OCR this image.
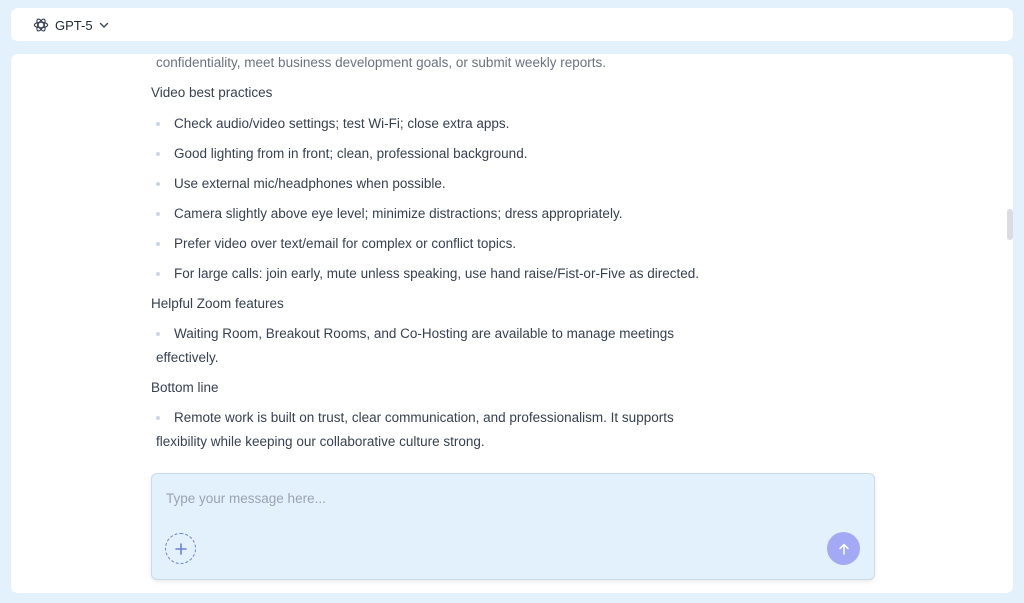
GPT-5
confidentiality, meet business development goals, or submit weekly reports.
Video best practices
Check audio/video settings; test Wi-Fi; close extra apps.
Good lighting from in front; clean, professional background.
Use external mic/headphones when possible.
Camera slightly above eye level; minimize distractions; dress appropriately.
Prefer video over text/email for complex or conflict topics.
For large calls: join early, mute unless speaking, use hand raise/Fist-or-Five as directed.
Helpful Zoom features
Waiting Room, Breakout Rooms, and Co-Hosting are available to manage meetings
effectively.
Bottom line
Remote work is built on trust, clear communication, and professionalism. It supports
flexibility while keeping our collaborative culture strong.
Type your message here...
